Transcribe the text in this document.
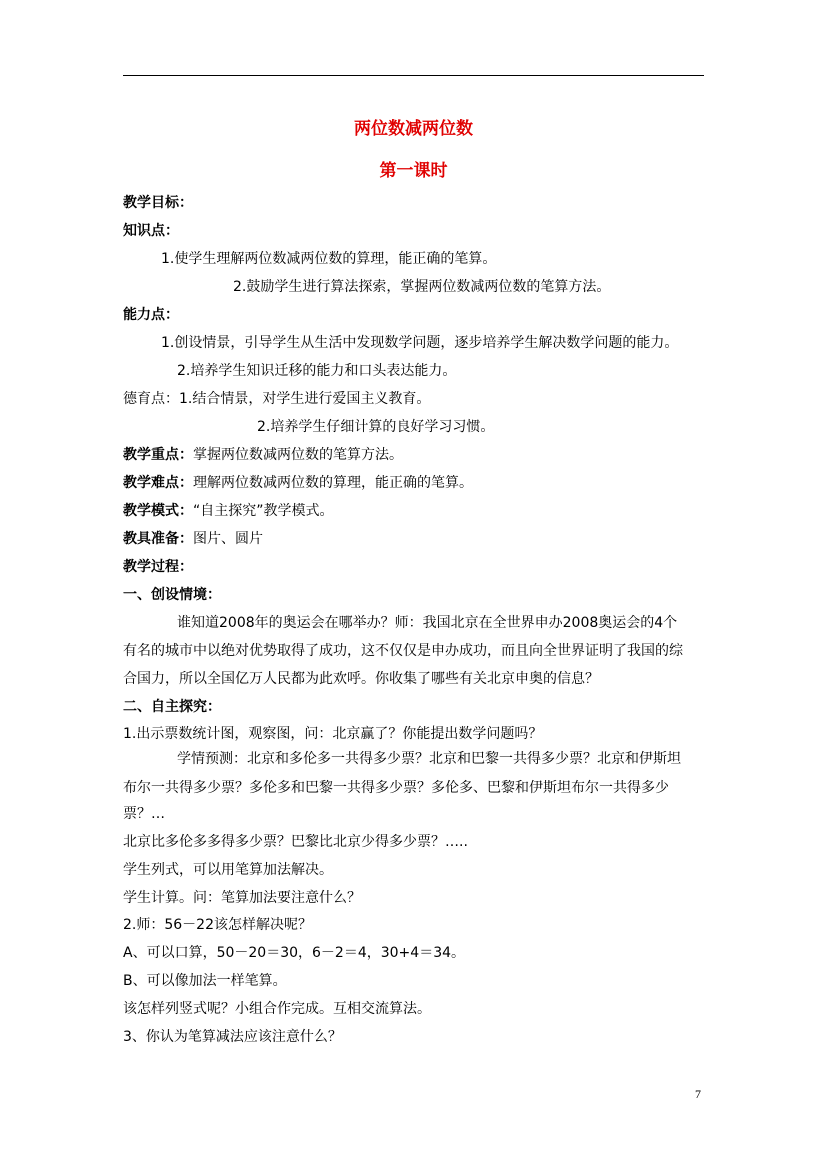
两位数减两位数
第一课时
教学目标：
知识点：
1.使学生理解两位数减两位数的算理，能正确的笔算。
2.鼓励学生进行算法探索，掌握两位数减两位数的笔算方法。
能力点：
1.创设情景，引导学生从生活中发现数学问题，逐步培养学生解决数学问题的能力。
2.培养学生知识迁移的能力和口头表达能力。
德育点：1.结合情景，对学生进行爱国主义教育。
2.培养学生仔细计算的良好学习习惯。
教学重点：掌握两位数减两位数的笔算方法。
教学难点：理解两位数减两位数的算理，能正确的笔算。
教学模式：“自主探究”教学模式。
教具准备：图片、圆片
教学过程：
一、创设情境：
谁知道2008年的奥运会在哪举办？师：我国北京在全世界申办2008奥运会的4个
有名的城市中以绝对优势取得了成功，这不仅仅是申办成功，而且向全世界证明了我国的综
合国力，所以全国亿万人民都为此欢呼。你收集了哪些有关北京申奥的信息？
二、自主探究：
1.出示票数统计图，观察图，问：北京赢了？你能提出数学问题吗？
学情预测：北京和多伦多一共得多少票？北京和巴黎一共得多少票？北京和伊斯坦
布尔一共得多少票？多伦多和巴黎一共得多少票？多伦多、巴黎和伊斯坦布尔一共得多少
票？…
北京比多伦多多得多少票？巴黎比北京少得多少票？…..
学生列式，可以用笔算加法解决。
学生计算。问：笔算加法要注意什么？
2.师：56－22该怎样解决呢？
A、可以口算，50－20＝30，6－2＝4，30+4＝34。
B、可以像加法一样笔算。
该怎样列竖式呢？小组合作完成。互相交流算法。
3、你认为笔算减法应该注意什么？
7
